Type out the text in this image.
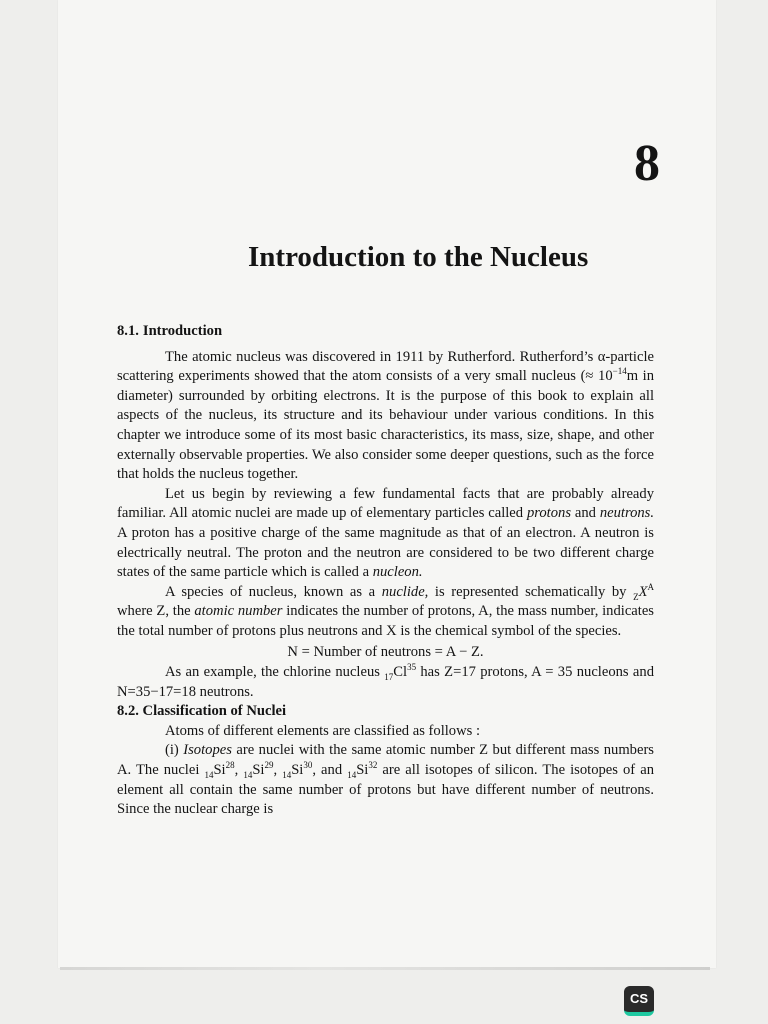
8
Introduction to the Nucleus
8.1. Introduction

The atomic nucleus was discovered in 1911 by Rutherford. Rutherford’s α-particle scattering experiments showed that the atom consists of a very small nucleus (≈ $10^{-14}m$ in diameter) surrounded by orbiting electrons. It is the purpose of this book to explain all aspects of the nucleus, its structure and its behaviour under various conditions. In this chapter we introduce some of its most basic characteristics, its mass, size, shape, and other externally observable properties. We also consider some deeper questions, such as the force that holds the nucleus together.

Let us begin by reviewing a few fundamental facts that are probably already familiar. All atomic nuclei are made up of elementary particles called protons and neutrons. A proton has a positive charge of the same magnitude as that of an electron. A neutron is electrically neutral. The proton and the neutron are considered to be two different charge states of the same particle which is called a nucleon.

A species of nucleus, known as a nuclide, is represented schematically by $_ZX^A$ where Z, the atomic number indicates the number of protons, A, the mass number, indicates the total number of protons plus neutrons and X is the chemical symbol of the species.

N = Number of neutrons = A − Z.

As an example, the chlorine nucleus $_{17}Cl^{35}$ has Z=17 protons, A = 35 nucleons and N=35−17=18 neutrons.

8.2. Classification of Nuclei

Atoms of different elements are classified as follows :

(i) Isotopes are nuclei with the same atomic number Z but different mass numbers A. The nuclei $_{14}Si^{28}$, $_{14}Si^{29}$, $_{14}Si^{30}$, and $_{14}Si^{32}$ are all isotopes of silicon. The isotopes of an element all contain the same number of protons but have different number of neutrons. Since the nuclear charge is

CS
